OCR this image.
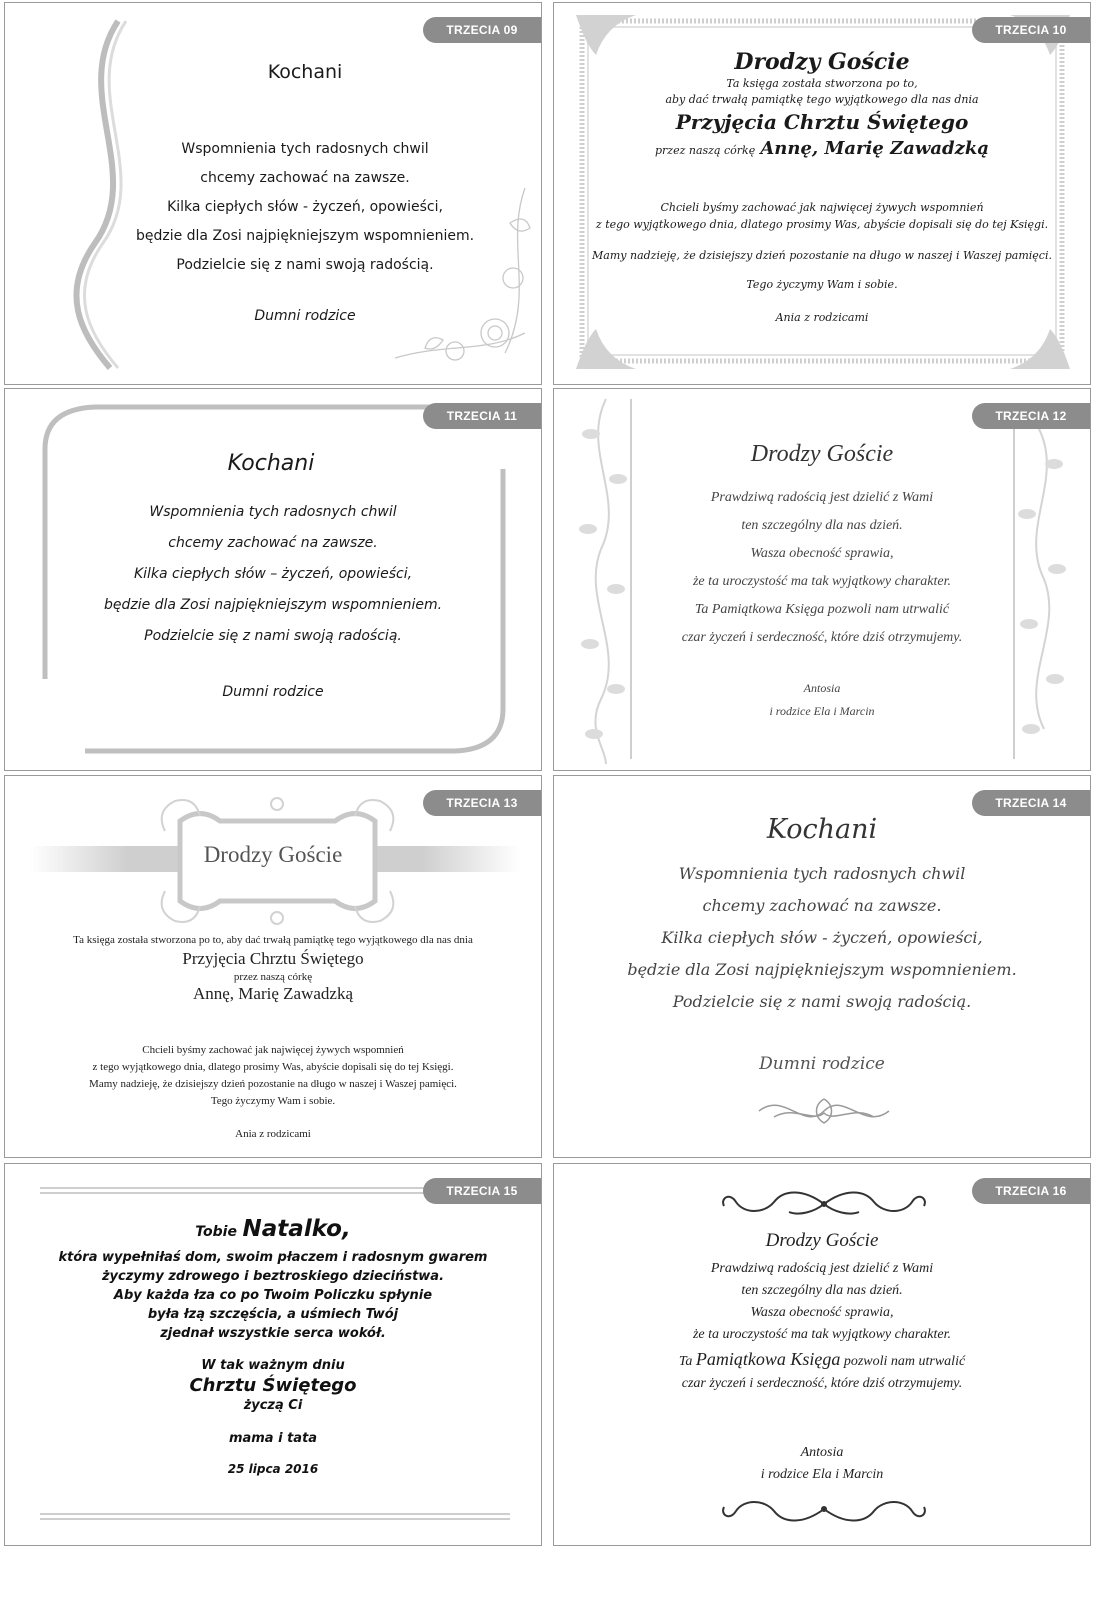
TRZECIA 09

Kochani

Wspomnienia tych radosnych chwil

chcemy zachować na zawsze.

Kilka ciepłych słów - życzeń, opowieści,

będzie dla Zosi najpiękniejszym wspomnieniem.

Podzielcie się z nami swoją radością.

Dumni rodzice

TRZECIA 10

Drodzy Goście

Ta księga została stworzona po to,

aby dać trwałą pamiątkę tego wyjątkowego dla nas dnia

Przyjęcia Chrztu Świętego

przez naszą córkę Annę, Marię Zawadzką

Chcieli byśmy zachować jak najwięcej żywych wspomnień

z tego wyjątkowego dnia, dlatego prosimy Was, abyście dopisali się do tej Księgi.

Mamy nadzieję, że dzisiejszy dzień pozostanie na długo w naszej i Waszej pamięci.

Tego życzymy Wam i sobie.

Ania z rodzicami

TRZECIA 11

Kochani

Wspomnienia tych radosnych chwil

chcemy zachować na zawsze.

Kilka ciepłych słów – życzeń, opowieści,

będzie dla Zosi najpiękniejszym wspomnieniem.

Podzielcie się z nami swoją radością.

Dumni rodzice

TRZECIA 12

Drodzy Goście

Prawdziwą radością jest dzielić z Wami

ten szczególny dla nas dzień.

Wasza obecność sprawia,

że ta uroczystość ma tak wyjątkowy charakter.

Ta Pamiątkowa Księga pozwoli nam utrwalić

czar życzeń i serdeczność, które dziś otrzymujemy.

Antosia

i rodzice Ela i Marcin

TRZECIA 13

Drodzy Goście

Ta księga została stworzona po to, aby dać trwałą pamiątkę tego wyjątkowego dla nas dnia

Przyjęcia Chrztu Świętego

przez naszą córkę

Annę, Marię Zawadzką

Chcieli byśmy zachować jak najwięcej żywych wspomnień

z tego wyjątkowego dnia, dlatego prosimy Was, abyście dopisali się do tej Księgi.

Mamy nadzieję, że dzisiejszy dzień pozostanie na długo w naszej i Waszej pamięci.

Tego życzymy Wam i sobie.

Ania z rodzicami

TRZECIA 14

Kochani

Wspomnienia tych radosnych chwil

chcemy zachować na zawsze.

Kilka ciepłych słów - życzeń, opowieści,

będzie dla Zosi najpiękniejszym wspomnieniem.

Podzielcie się z nami swoją radością.

Dumni rodzice

TRZECIA 15

Tobie Natalko,

która wypełniłaś dom, swoim płaczem i radosnym gwarem

życzymy zdrowego i beztroskiego dzieciństwa.

Aby każda łza co po Twoim Policzku spłynie

była łzą szczęścia, a uśmiech Twój

zjednał wszystkie serca wokół.

W tak ważnym dniu

Chrztu Świętego

życzą Ci

mama i tata

25 lipca 2016

TRZECIA 16

Drodzy Goście

Prawdziwą radością jest dzielić z Wami

ten szczególny dla nas dzień.

Wasza obecność sprawia,

że ta uroczystość ma tak wyjątkowy charakter.

Ta Pamiątkowa Księga pozwoli nam utrwalić

czar życzeń i serdeczność, które dziś otrzymujemy.

Antosia

i rodzice Ela i Marcin
